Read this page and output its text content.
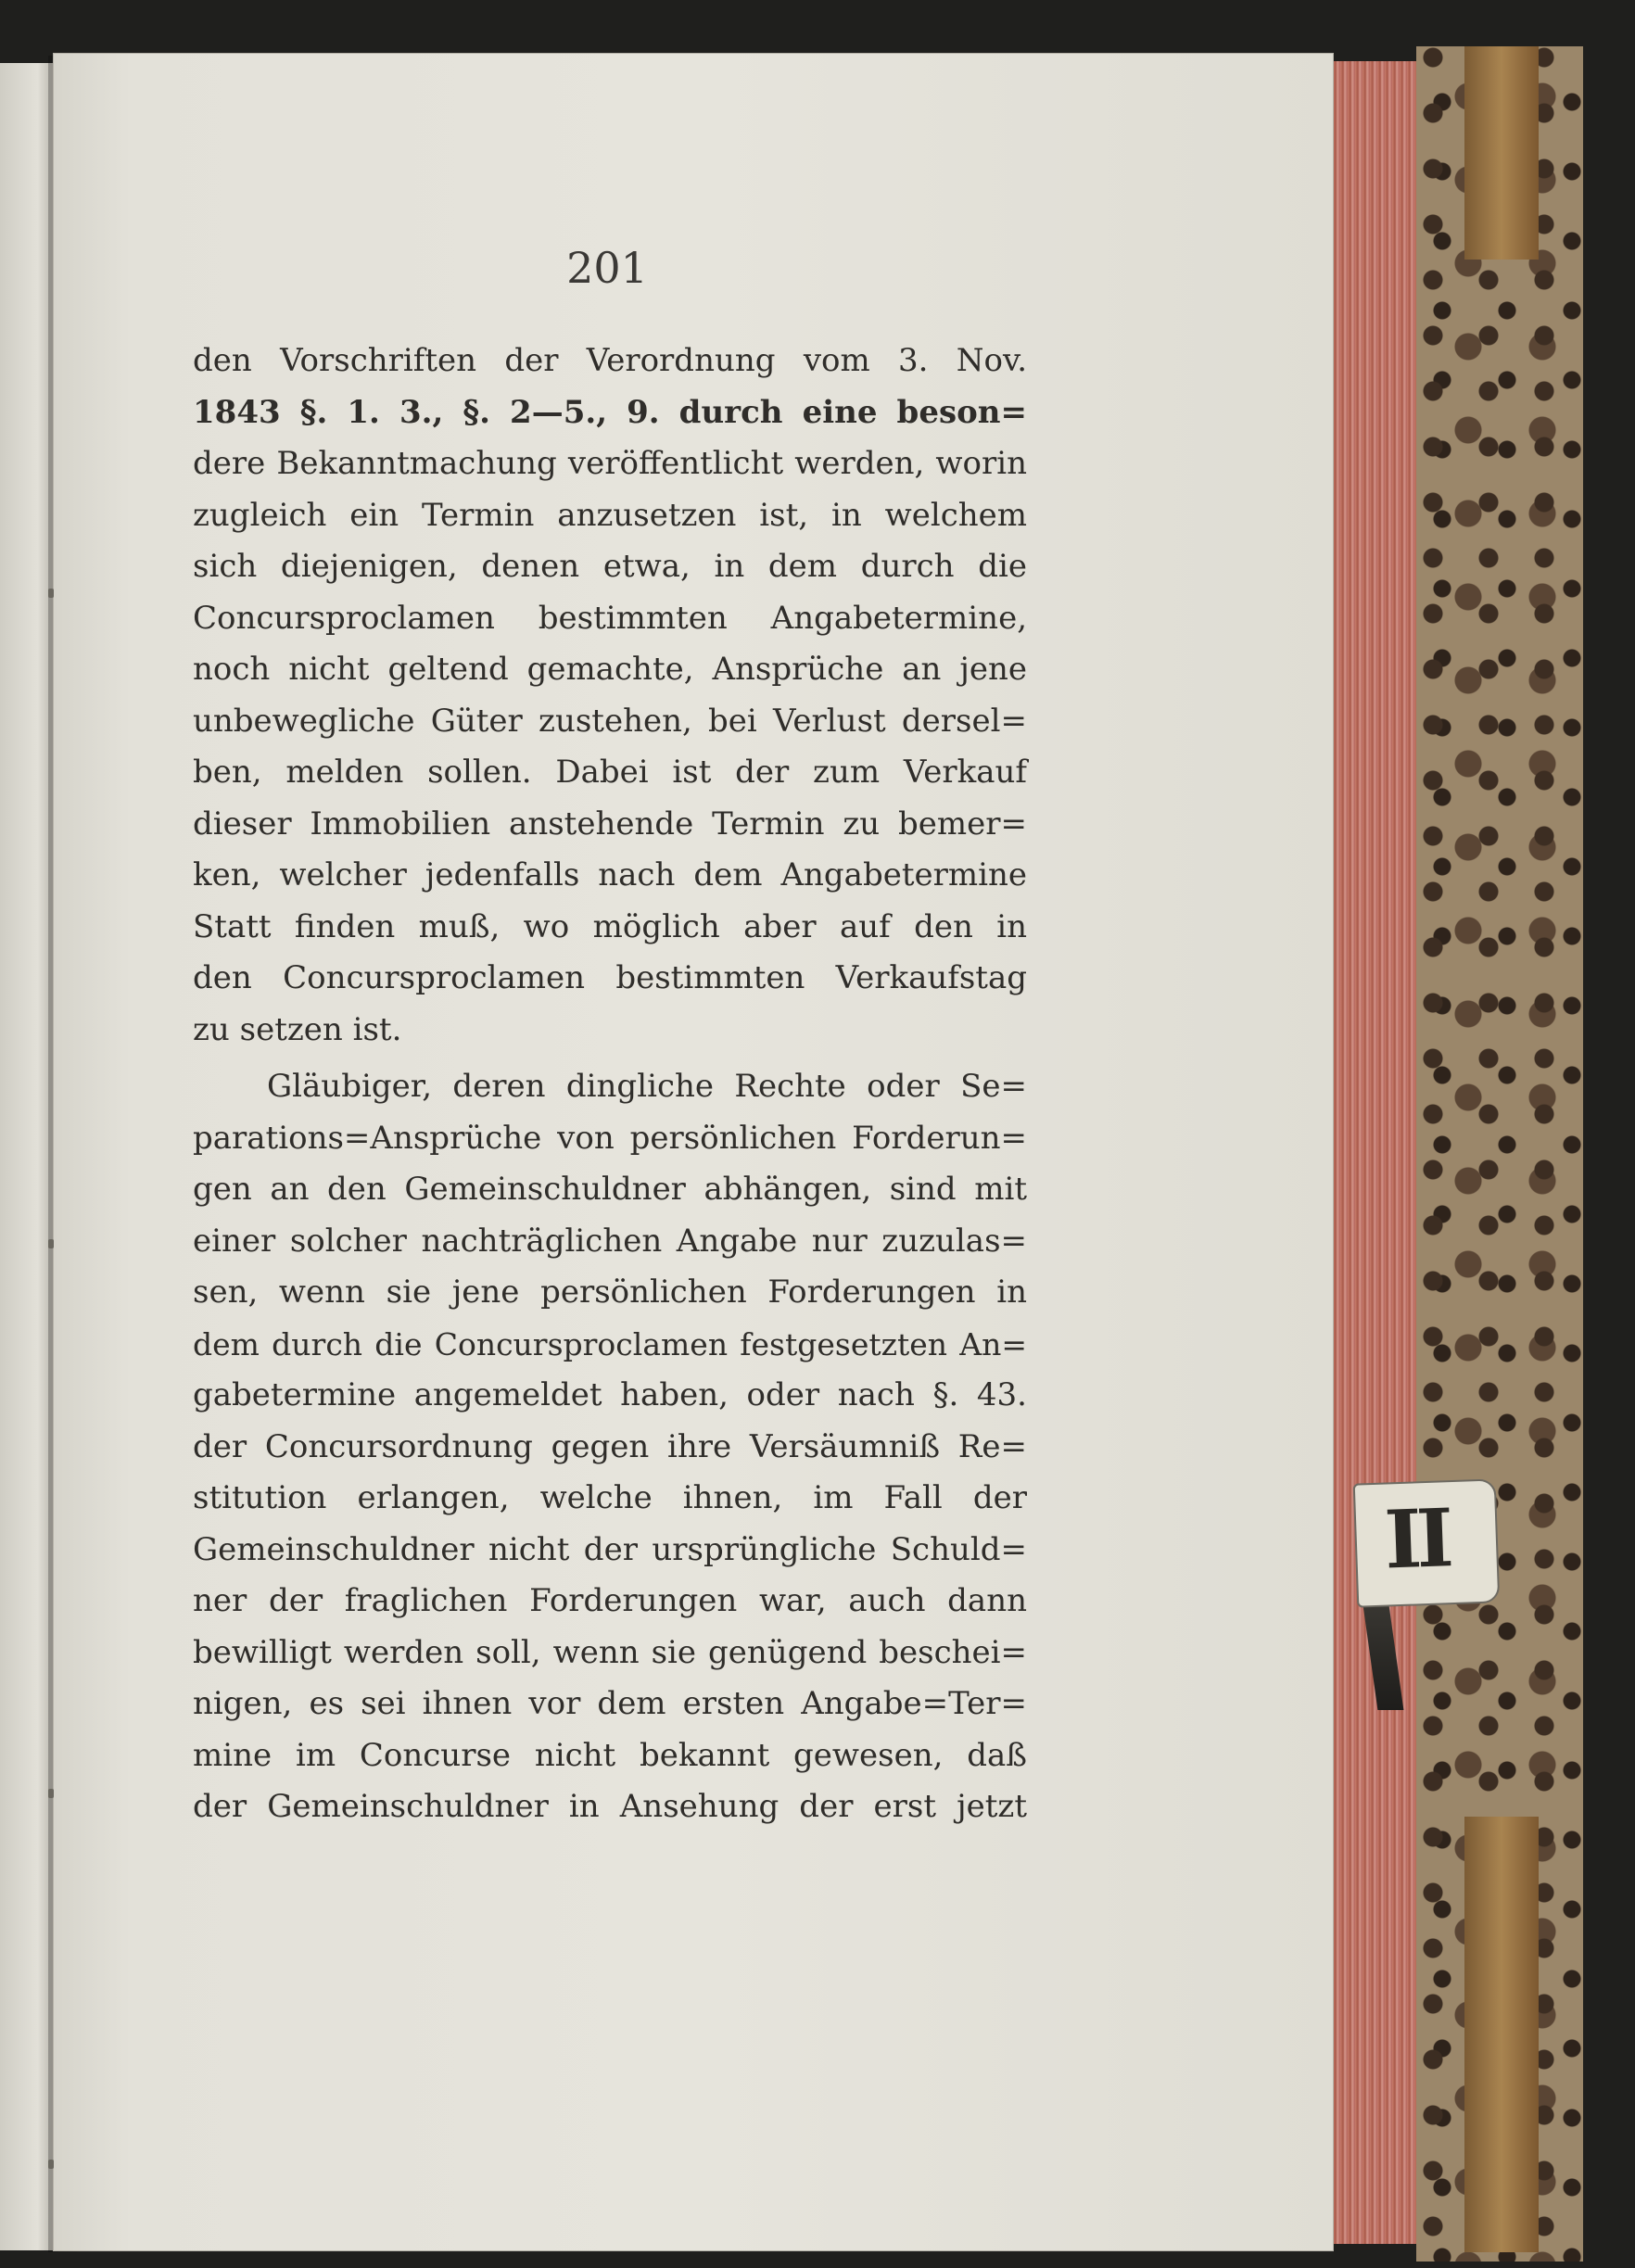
201
den Vorschriften der Verordnung vom 3. Nov.
1843 §. 1. 3., §. 2—5., 9. durch eine beson=
dere Bekanntmachung veröffentlicht werden, worin
zugleich ein Termin anzusetzen ist, in welchem
sich diejenigen, denen etwa, in dem durch die
Concursproclamen bestimmten Angabetermine,
noch nicht geltend gemachte, Ansprüche an jene
unbewegliche Güter zustehen, bei Verlust dersel=
ben, melden sollen. Dabei ist der zum Verkauf
dieser Immobilien anstehende Termin zu bemer=
ken, welcher jedenfalls nach dem Angabetermine
Statt finden muß, wo möglich aber auf den in
den Concursproclamen bestimmten Verkaufstag
zu setzen ist.
Gläubiger, deren dingliche Rechte oder Se=
parations=Ansprüche von persönlichen Forderun=
gen an den Gemeinschuldner abhängen, sind mit
einer solcher nachträglichen Angabe nur zuzulas=
sen, wenn sie jene persönlichen Forderungen in
dem durch die Concursproclamen festgesetzten An=
gabetermine angemeldet haben, oder nach §. 43.
der Concursordnung gegen ihre Versäumniß Re=
stitution erlangen, welche ihnen, im Fall der
Gemeinschuldner nicht der ursprüngliche Schuld=
ner der fraglichen Forderungen war, auch dann
bewilligt werden soll, wenn sie genügend beschei=
nigen, es sei ihnen vor dem ersten Angabe=Ter=
mine im Concurse nicht bekannt gewesen, daß
der Gemeinschuldner in Ansehung der erst jetzt
II
